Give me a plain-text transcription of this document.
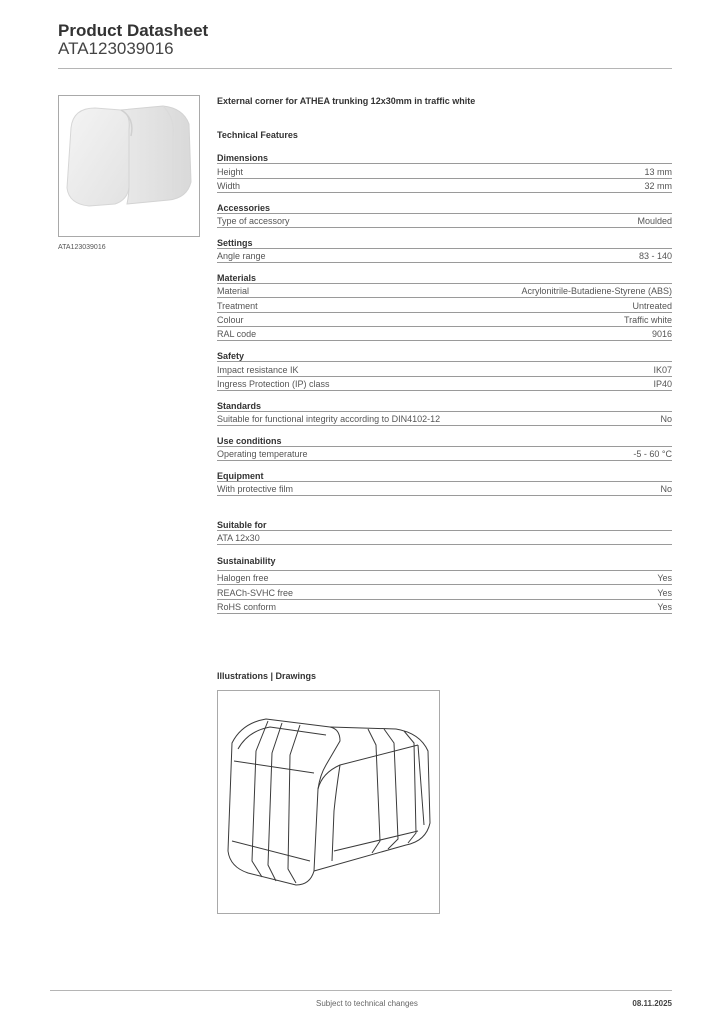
Product Datasheet
ATA123039016
ATA123039016
External corner for ATHEA trunking 12x30mm in traffic white
Technical Features
Dimensions
Height	13 mm
Width	32 mm
Accessories
Type of accessory	Moulded
Settings
Angle range	83 - 140
Materials
Material	Acrylonitrile-Butadiene-Styrene (ABS)
Treatment	Untreated
Colour	Traffic white
RAL code	9016
Safety
Impact resistance IK	IK07
Ingress Protection (IP) class	IP40
Standards
Suitable for functional integrity according to DIN4102-12	No
Use conditions
Operating temperature	-5 - 60 °C
Equipment
With protective film	No
Suitable for
ATA 12x30
Sustainability
Halogen free	Yes
REACh-SVHC free	Yes
RoHS conform	Yes
Illustrations | Drawings
Subject to technical changes	08.11.2025
